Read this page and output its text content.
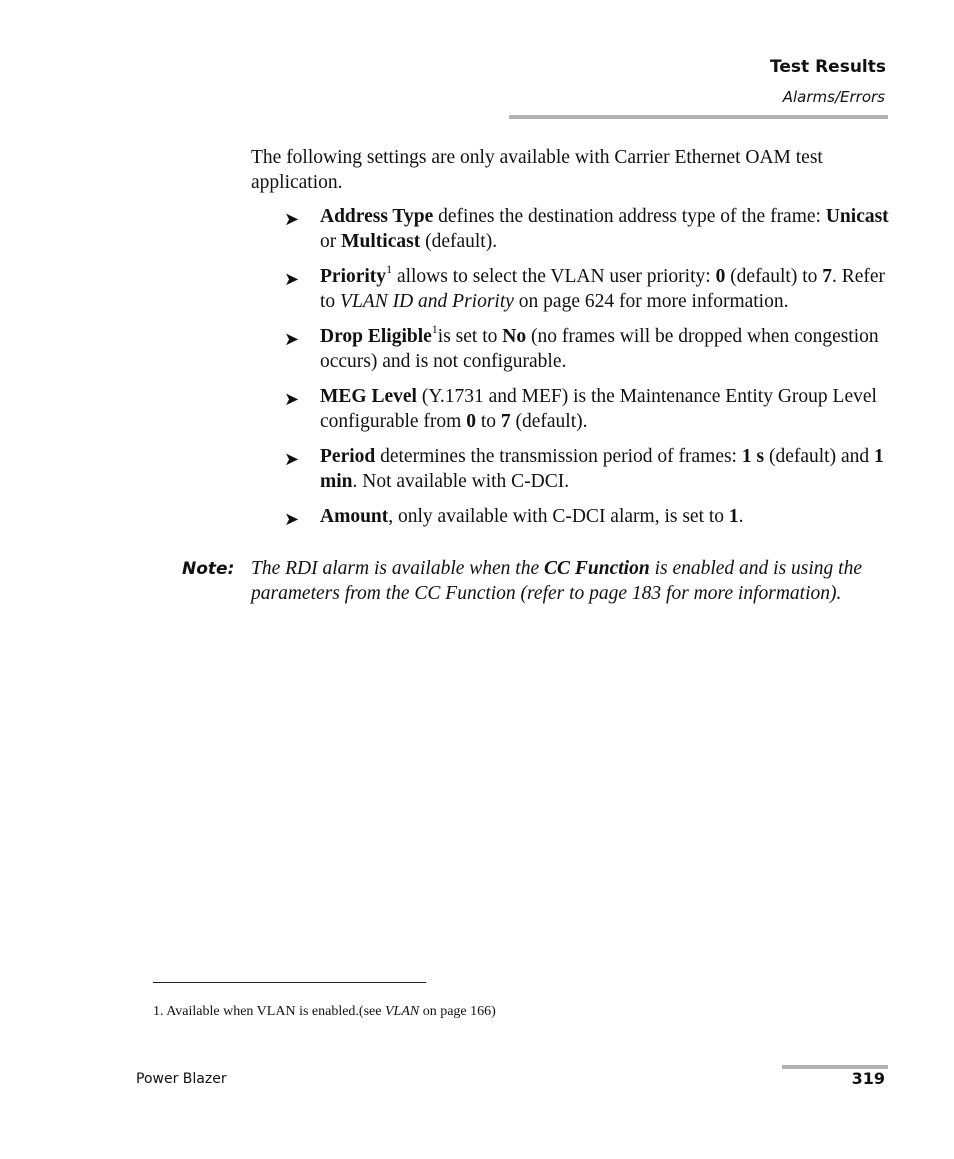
Test Results
Alarms/Errors

The following settings are only available with Carrier Ethernet OAM test application.

➤ Address Type defines the destination address type of the frame: Unicast or Multicast (default).
➤ Priority$^1$ allows to select the VLAN user priority: 0 (default) to 7. Refer to VLAN ID and Priority on page 624 for more information.
➤ Drop Eligible$^1$is set to No (no frames will be dropped when congestion occurs) and is not configurable.
➤ MEG Level (Y.1731 and MEF) is the Maintenance Entity Group Level configurable from 0 to 7 (default).
➤ Period determines the transmission period of frames: 1 s (default) and 1 min. Not available with C-DCI.
➤ Amount, only available with C-DCI alarm, is set to 1.
Note: The RDI alarm is available when the CC Function is enabled and is using the parameters from the CC Function (refer to page 183 for more information).
1. Available when VLAN is enabled.(see VLAN on page 166)
Power Blazer	319
